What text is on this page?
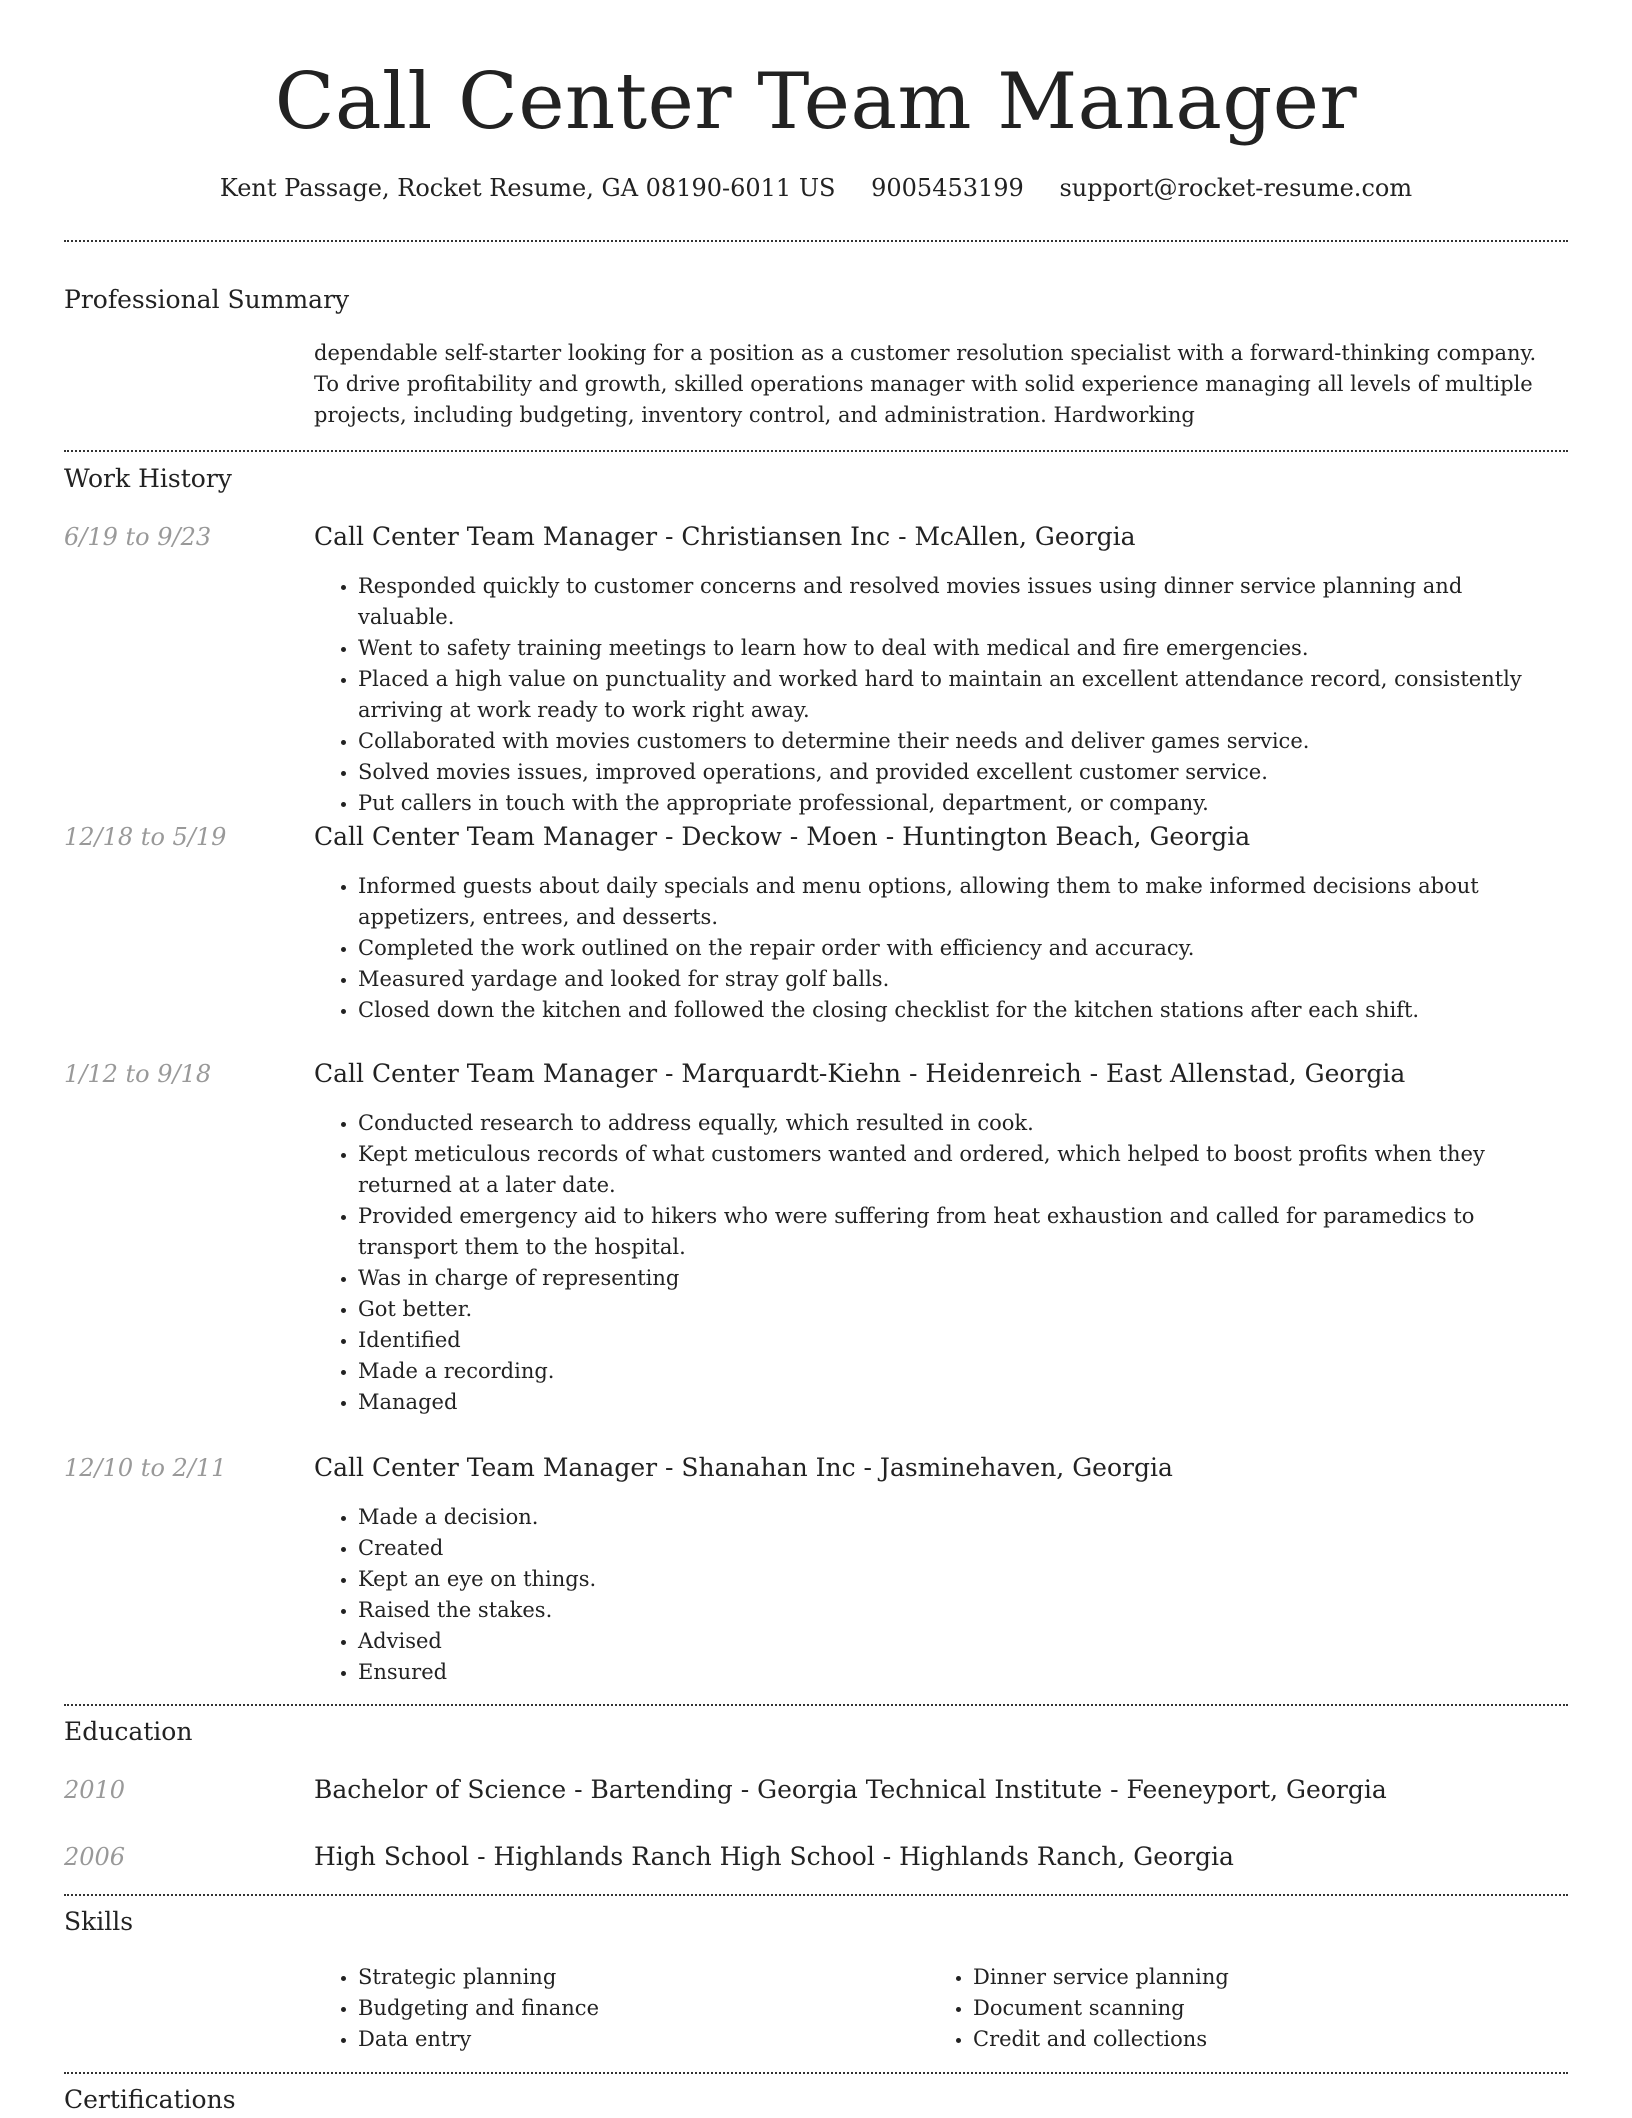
Call Center Team Manager
Kent Passage, Rocket Resume, GA 08190-6011 US 9005453199 support@rocket-resume.com
Professional Summary
dependable self-starter looking for a position as a customer resolution specialist with a forward-thinking company. To drive profitability and growth, skilled operations manager with solid experience managing all levels of multiple projects, including budgeting, inventory control, and administration. Hardworking
Work History
6/19 to 9/23	Call Center Team Manager - Christiansen Inc - McAllen, Georgia
• Responded quickly to customer concerns and resolved movies issues using dinner service planning and valuable.
• Went to safety training meetings to learn how to deal with medical and fire emergencies.
• Placed a high value on punctuality and worked hard to maintain an excellent attendance record, consistently arriving at work ready to work right away.
• Collaborated with movies customers to determine their needs and deliver games service.
• Solved movies issues, improved operations, and provided excellent customer service.
• Put callers in touch with the appropriate professional, department, or company.
12/18 to 5/19	Call Center Team Manager - Deckow - Moen - Huntington Beach, Georgia
• Informed guests about daily specials and menu options, allowing them to make informed decisions about appetizers, entrees, and desserts.
• Completed the work outlined on the repair order with efficiency and accuracy.
• Measured yardage and looked for stray golf balls.
• Closed down the kitchen and followed the closing checklist for the kitchen stations after each shift.
1/12 to 9/18	Call Center Team Manager - Marquardt-Kiehn - Heidenreich - East Allenstad, Georgia
• Conducted research to address equally, which resulted in cook.
• Kept meticulous records of what customers wanted and ordered, which helped to boost profits when they returned at a later date.
• Provided emergency aid to hikers who were suffering from heat exhaustion and called for paramedics to transport them to the hospital.
• Was in charge of representing
• Got better.
• Identified
• Made a recording.
• Managed
12/10 to 2/11	Call Center Team Manager - Shanahan Inc - Jasminehaven, Georgia
• Made a decision.
• Created
• Kept an eye on things.
• Raised the stakes.
• Advised
• Ensured
Education
2010	Bachelor of Science - Bartending - Georgia Technical Institute - Feeneyport, Georgia
2006	High School - Highlands Ranch High School - Highlands Ranch, Georgia
Skills
• Strategic planning
• Budgeting and finance
• Data entry
• Dinner service planning
• Document scanning
• Credit and collections
Certifications
